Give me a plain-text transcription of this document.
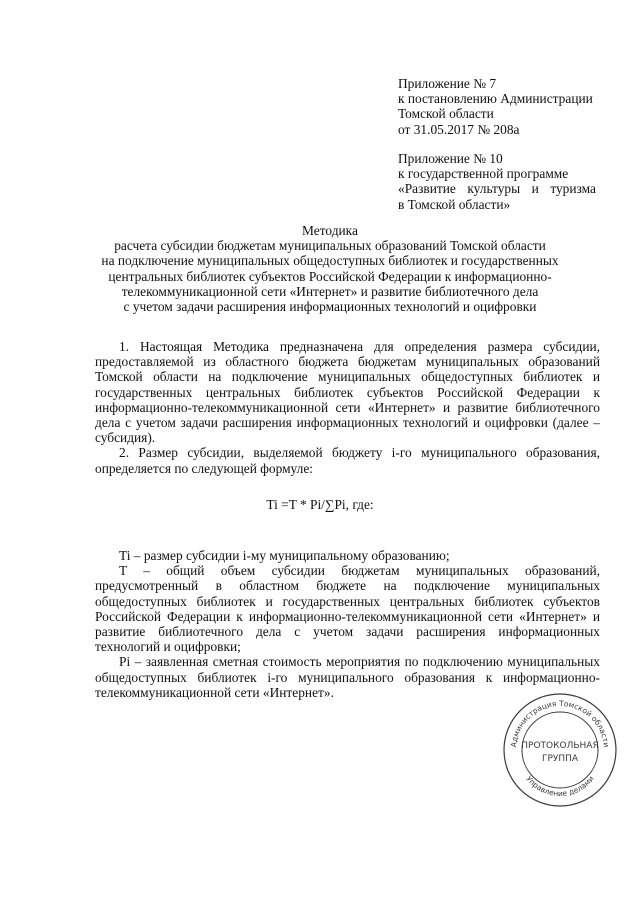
Приложение № 7
к постановлению Администрации
Томской области
от 31.05.2017 № 208а
Приложение № 10
к государственной программе
«Развитие культуры и туризма
в Томской области»
Методика
расчета субсидии бюджетам муниципальных образований Томской области
на подключение муниципальных общедоступных библиотек и государственных
центральных библиотек субъектов Российской Федерации к информационно-
телекоммуникационной сети «Интернет» и развитие библиотечного дела
с учетом задачи расширения информационных технологий и оцифровки

1. Настоящая Методика предназначена для определения размера субсидии, предоставляемой из областного бюджета бюджетам муниципальных образований Томской области на подключение муниципальных общедоступных библиотек и государственных центральных библиотек субъектов Российской Федерации к информационно-телекоммуникационной сети «Интернет» и развитие библиотечного дела с учетом задачи расширения информационных технологий и оцифровки (далее – субсидия).

2. Размер субсидии, выделяемой бюджету i-го муниципального образования, определяется по следующей формуле:

Ti =T * Pi/∑Pi, где:

Ti – размер субсидии i-му муниципальному образованию;

T – общий объем субсидии бюджетам муниципальных образований, предусмотренный в областном бюджете на подключение муниципальных общедоступных библиотек и государственных центральных библиотек субъектов Российской Федерации к информационно-телекоммуникационной сети «Интернет» и развитие библиотечного дела с учетом задачи расширения информационных технологий и оцифровки;

Pi – заявленная сметная стоимость мероприятия по подключению муниципальных общедоступных библиотек i-го муниципального образования к информационно-телекоммуникационной сети «Интернет».

Администрация Томской области
Управление делами
ПРОТОКОЛЬНАЯ
ГРУППА
